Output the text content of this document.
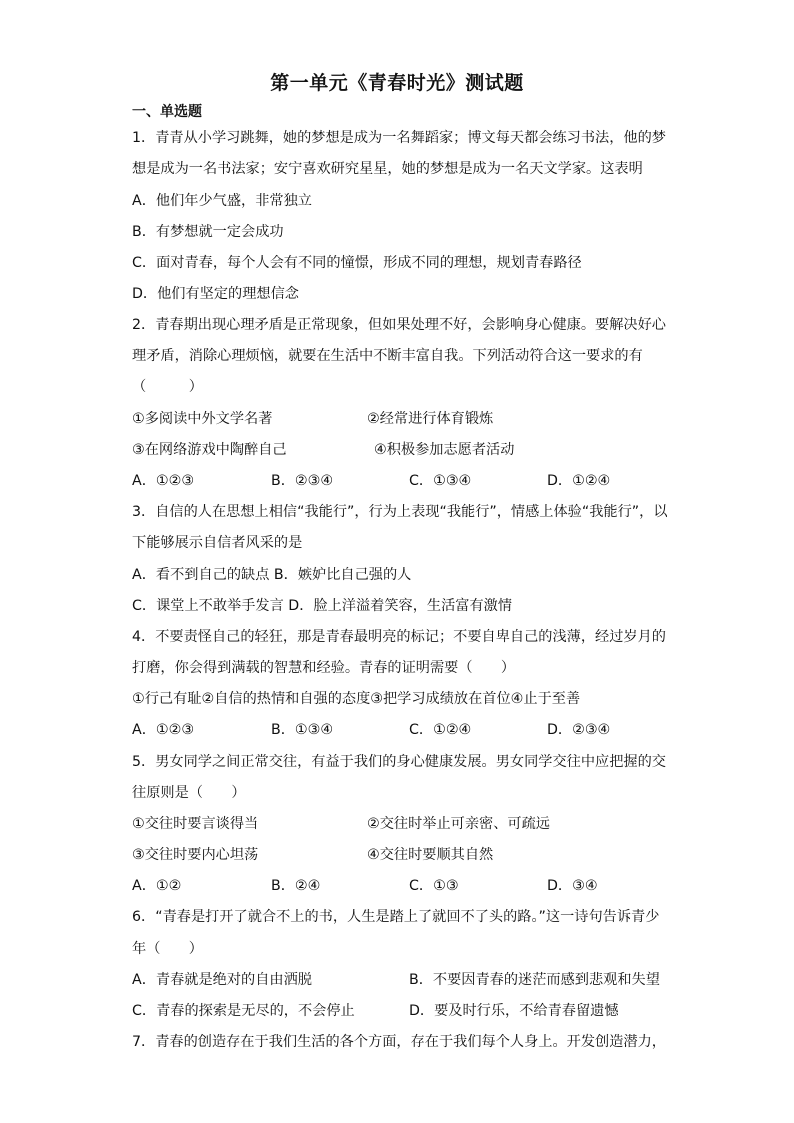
第一单元《青春时光》测试题
一、单选题
1．青青从小学习跳舞，她的梦想是成为一名舞蹈家；博文每天都会练习书法，他的梦
想是成为一名书法家；安宁喜欢研究星星，她的梦想是成为一名天文学家。这表明
A．他们年少气盛，非常独立
B．有梦想就一定会成功
C．面对青春，每个人会有不同的憧憬，形成不同的理想，规划青春路径
D．他们有坚定的理想信念
2．青春期出现心理矛盾是正常现象，但如果处理不好，会影响身心健康。要解决好心
理矛盾，消除心理烦恼，就要在生活中不断丰富自我。下列活动符合这一要求的有
（　　　）
①多阅读中外文学名著	②经常进行体育锻炼
③在网络游戏中陶醉自己	④积极参加志愿者活动
A．①②③	B．②③④	C．①③④	D．①②④
3．自信的人在思想上相信“我能行”，行为上表现“我能行”，情感上体验“我能行”，以
下能够展示自信者风采的是
A．看不到自己的缺点 B．嫉妒比自己强的人
C．课堂上不敢举手发言 D．脸上洋溢着笑容，生活富有激情
4．不要责怪自己的轻狂，那是青春最明亮的标记；不要自卑自己的浅薄，经过岁月的
打磨，你会得到满载的智慧和经验。青春的证明需要（　　）
①行己有耻②自信的热情和自强的态度③把学习成绩放在首位④止于至善
A．①②③	B．①③④	C．①②④	D．②③④
5．男女同学之间正常交往，有益于我们的身心健康发展。男女同学交往中应把握的交
往原则是（　　）
①交往时要言谈得当	②交往时举止可亲密、可疏远
③交往时要内心坦荡	④交往时要顺其自然
A．①②	B．②④	C．①③	D．③④
6．“青春是打开了就合不上的书，人生是踏上了就回不了头的路。”这一诗句告诉青少
年（　　）
A．青春就是绝对的自由洒脱	B．不要因青春的迷茫而感到悲观和失望
C．青春的探索是无尽的，不会停止	D．要及时行乐，不给青春留遗憾
7．青春的创造存在于我们生活的各个方面，存在于我们每个人身上。开发创造潜力，
